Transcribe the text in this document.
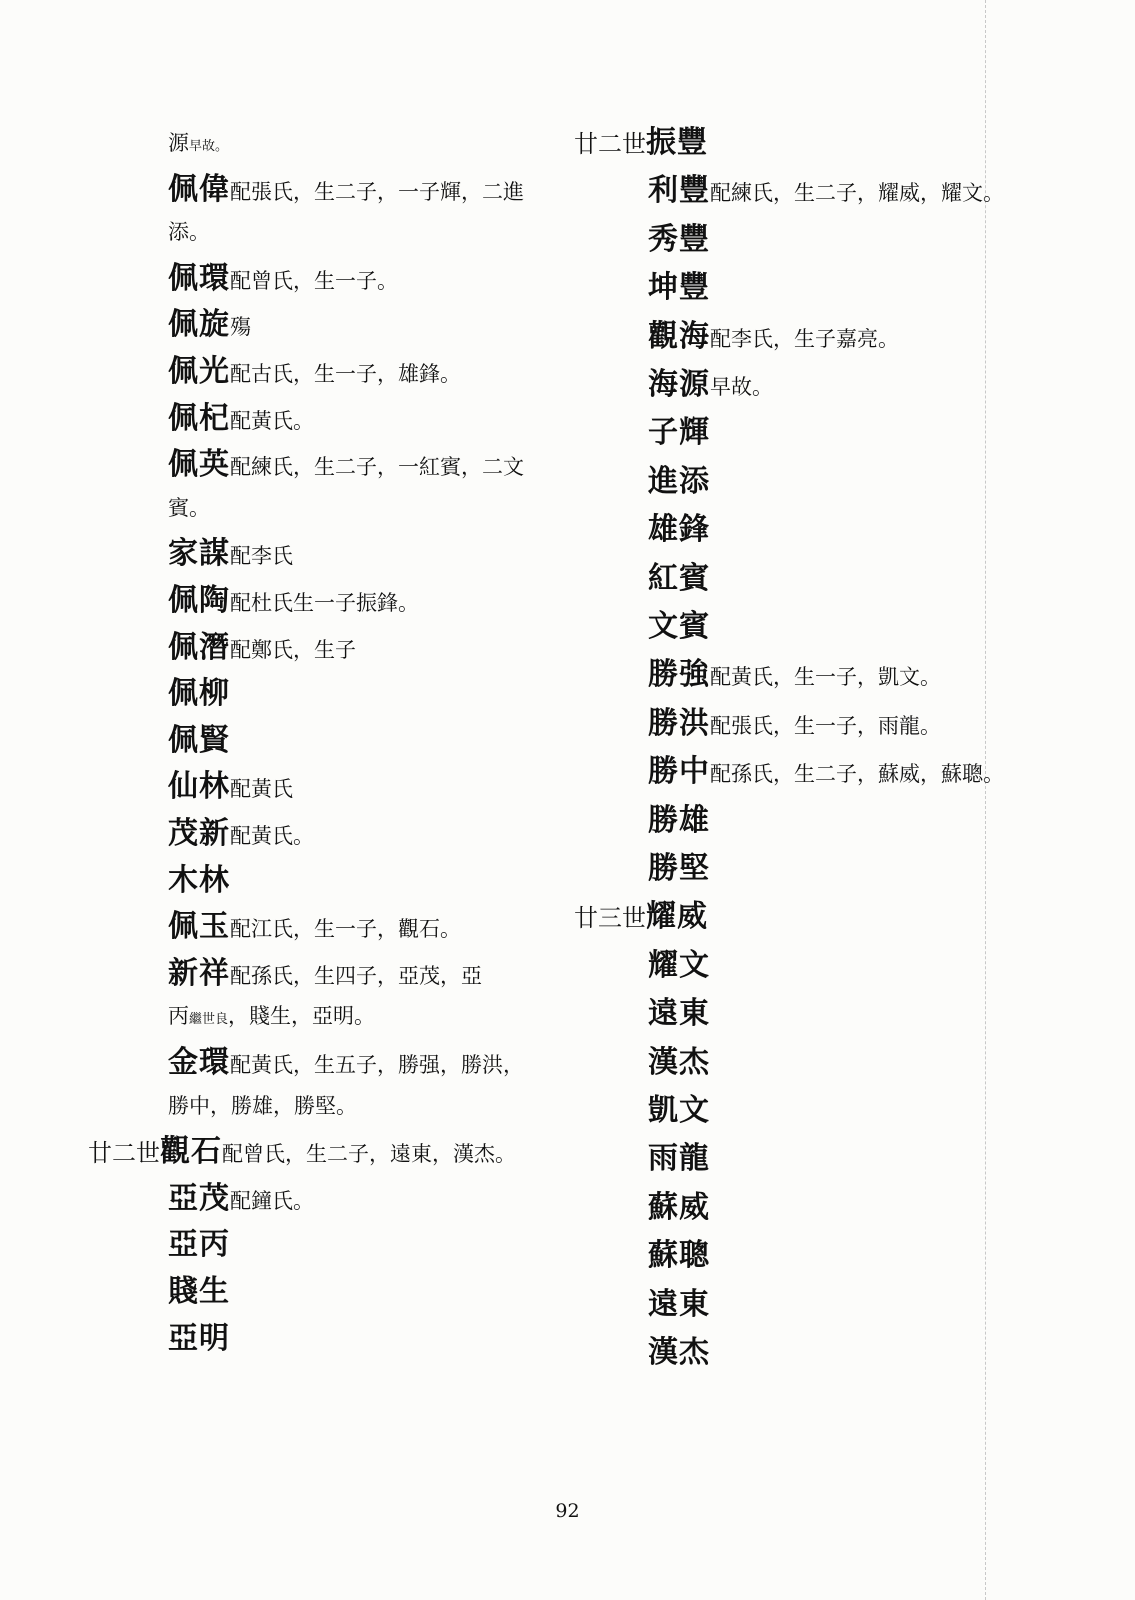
源早故。
佩偉配張氏，生二子，一子輝，二進
添。
佩環配曾氏，生一子。
佩旋殤
佩光配古氏，生一子，雄鋒。
佩杞配黃氏。
佩英配練氏，生二子，一紅賓，二文
賓。
家謀配李氏
佩陶配杜氏生一子振鋒。
佩潛配鄭氏，生子
佩柳
佩賢
仙林配黃氏
茂新配黃氏。
木林
佩玉配江氏，生一子，觀石。
新祥配孫氏，生四子，亞茂，亞
丙繼世良，賤生，亞明。
金環配黃氏，生五子，勝强，勝洪，
勝中，勝雄，勝堅。
廿二世觀石配曾氏，生二子，遠東，漢杰。
亞茂配鐘氏。
亞丙
賤生
亞明
廿二世振豐
利豐配練氏，生二子，耀威，耀文。
秀豐
坤豐
觀海配李氏，生子嘉亮。
海源早故。
子輝
進添
雄鋒
紅賓
文賓
勝強配黃氏，生一子，凱文。
勝洪配張氏，生一子，雨龍。
勝中配孫氏，生二子，蘇威，蘇聰。
勝雄
勝堅
廿三世耀威
耀文
遠東
漢杰
凱文
雨龍
蘇威
蘇聰
遠東
漢杰
92
